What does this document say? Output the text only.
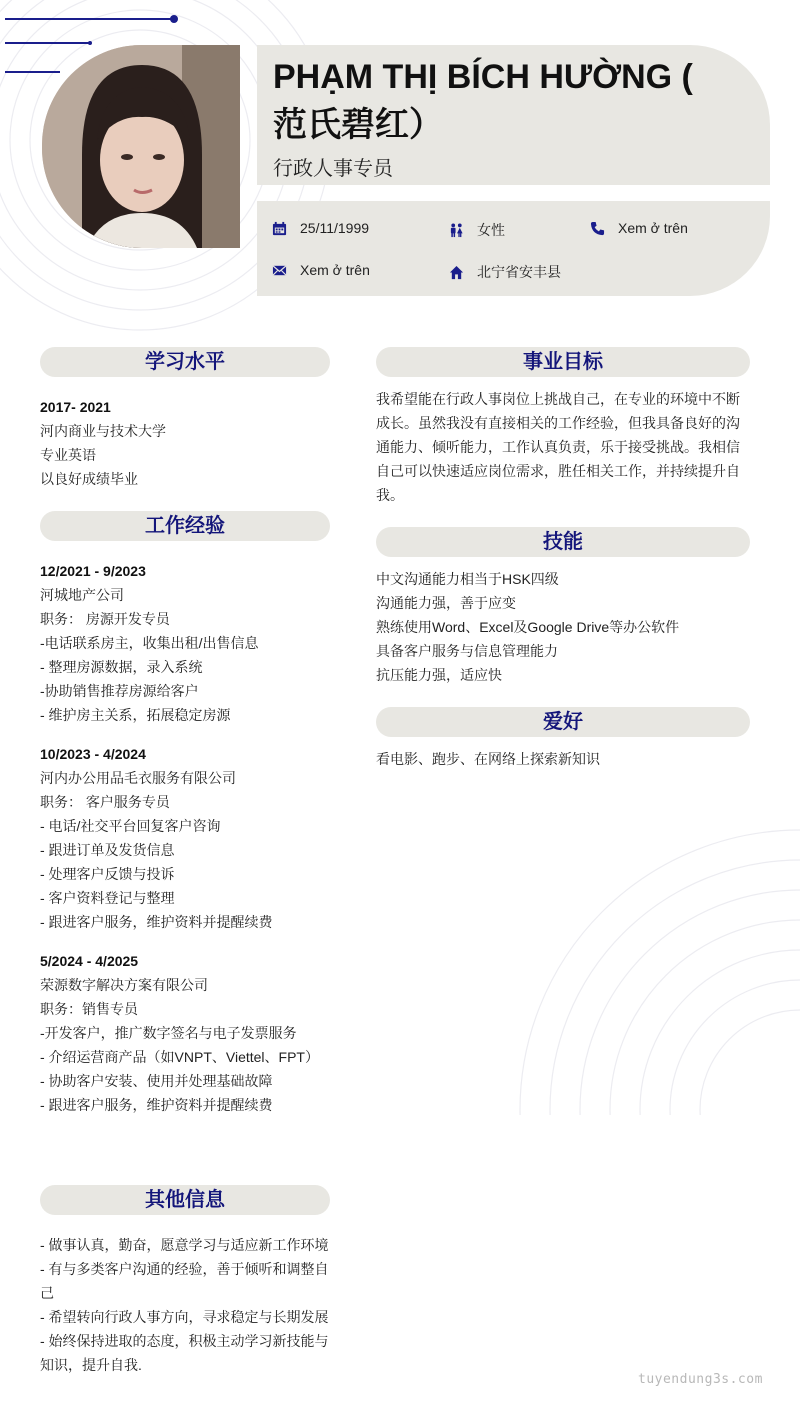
PHẠM THỊ BÍCH HƯỜNG ( 范氏碧红）
行政人事专员
25/11/1999	女性	Xem ở trên
Xem ở trên	北宁省安丰县
学习水平
2017- 2021
河内商业与技术大学
专业英语
以良好成绩毕业
工作经验
12/2021 - 9/2023
河城地产公司
职务： 房源开发专员
-电话联系房主，收集出租/出售信息
- 整理房源数据，录入系统
-协助销售推荐房源给客户
- 维护房主关系，拓展稳定房源
10/2023 - 4/2024
河内办公用品毛衣服务有限公司
职务： 客户服务专员
- 电话/社交平台回复客户咨询
- 跟进订单及发货信息
- 处理客户反馈与投诉
- 客户资料登记与整理
- 跟进客户服务，维护资料并提醒续费
5/2024 - 4/2025
荣源数字解决方案有限公司
职务：销售专员
-开发客户，推广数字签名与电子发票服务
- 介绍运营商产品（如VNPT、Viettel、FPT）
- 协助客户安装、使用并处理基础故障
- 跟进客户服务，维护资料并提醒续费
其他信息
- 做事认真，勤奋，愿意学习与适应新工作环境
- 有与多类客户沟通的经验，善于倾听和调整自己
- 希望转向行政人事方向，寻求稳定与长期发展
- 始终保持进取的态度，积极主动学习新技能与知识，提升自我.
事业目标
我希望能在行政人事岗位上挑战自己，在专业的环境中不断成长。虽然我没有直接相关的工作经验，但我具备良好的沟通能力、倾听能力，工作认真负责，乐于接受挑战。我相信自己可以快速适应岗位需求，胜任相关工作，并持续提升自我。
技能
中文沟通能力相当于HSK四级
沟通能力强，善于应变
熟练使用Word、Excel及Google Drive等办公软件
具备客户服务与信息管理能力
抗压能力强，适应快
爱好
看电影、跑步、在网络上探索新知识
tuyendung3s.com
